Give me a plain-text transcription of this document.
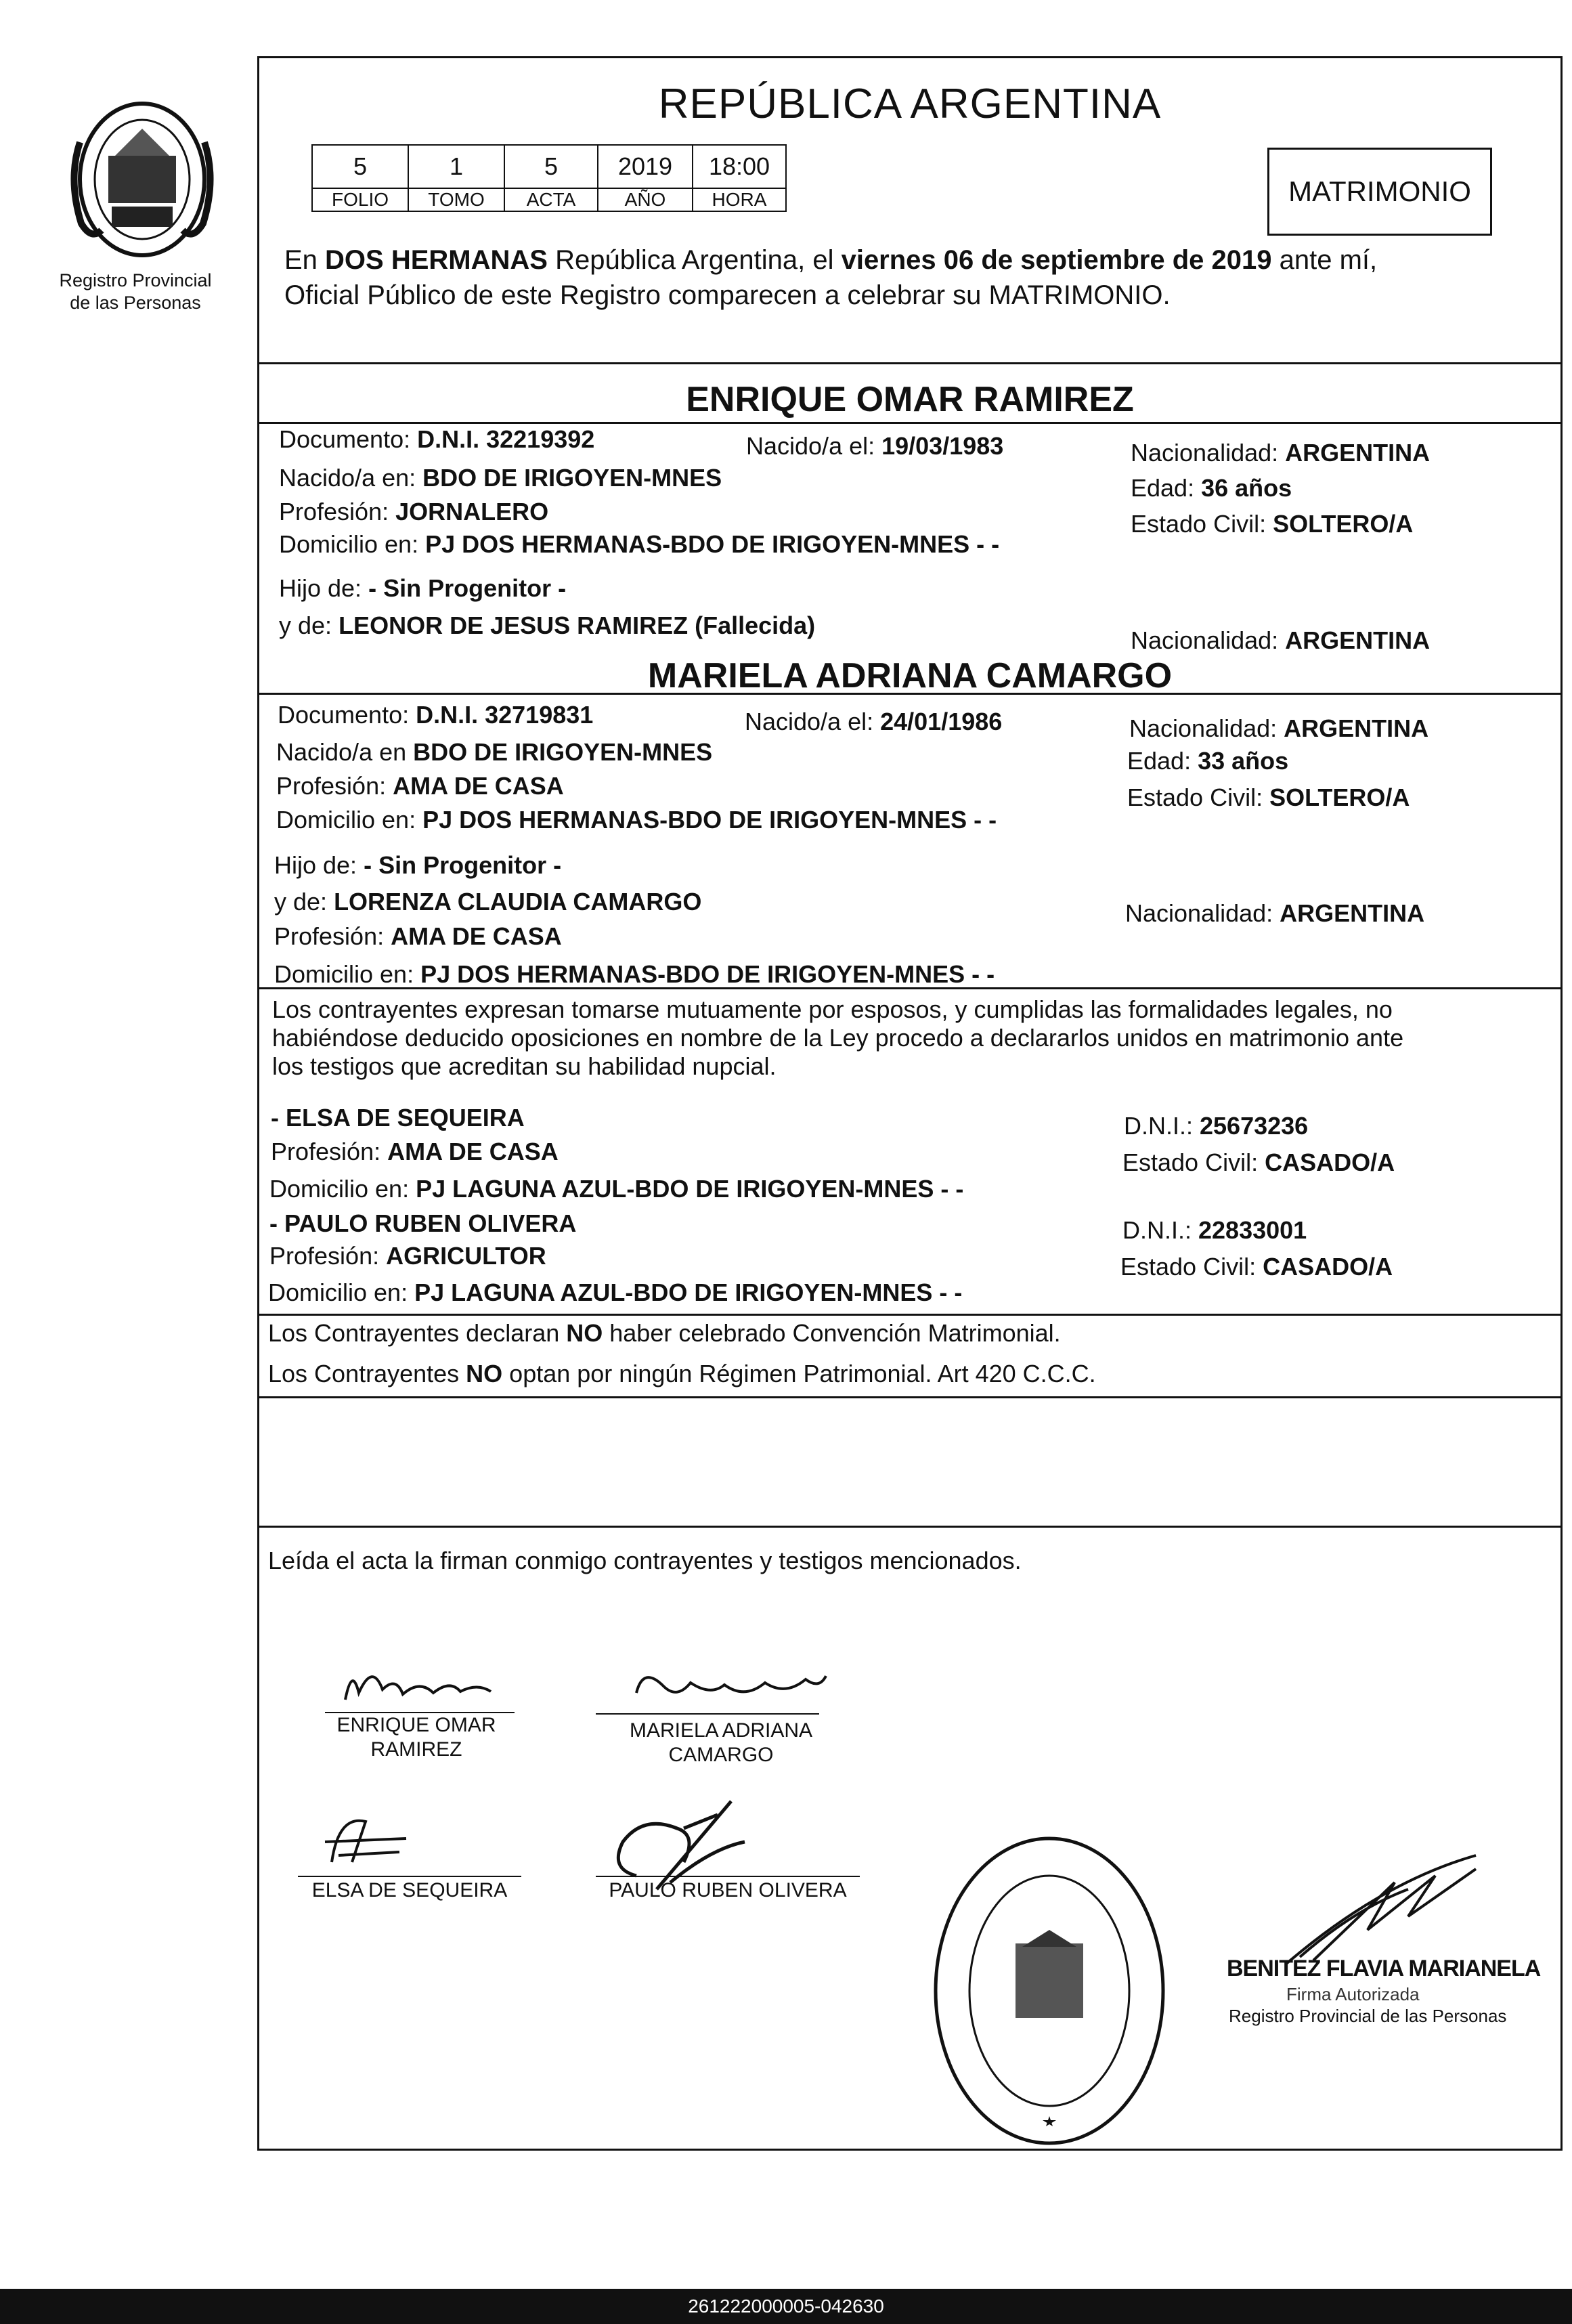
Registro Provincial
de las Personas
REPÚBLICA ARGENTINA
5	1	5	2019	18:00
FOLIO	TOMO	ACTA	AÑO	HORA	MATRIMONIO
En DOS HERMANAS República Argentina, el viernes 06 de septiembre de 2019 ante mí,
Oficial Público de este Registro comparecen a celebrar su MATRIMONIO.
ENRIQUE OMAR RAMIREZ
Documento: D.N.I. 32219392	Nacido/a el: 19/03/1983	Nacionalidad: ARGENTINA
Nacido/a en: BDO DE IRIGOYEN-MNES	Edad: 36 años
Profesión: JORNALERO	Estado Civil: SOLTERO/A
Domicilio en: PJ DOS HERMANAS-BDO DE IRIGOYEN-MNES - -
Hijo de: - Sin Progenitor -
y de: LEONOR DE JESUS RAMIREZ (Fallecida)
Nacionalidad: ARGENTINA
MARIELA ADRIANA CAMARGO
Documento: D.N.I. 32719831	Nacido/a el: 24/01/1986	Nacionalidad: ARGENTINA
Nacido/a en BDO DE IRIGOYEN-MNES	Edad: 33 años
Profesión: AMA DE CASA	Estado Civil: SOLTERO/A
Domicilio en: PJ DOS HERMANAS-BDO DE IRIGOYEN-MNES - -
Hijo de: - Sin Progenitor -
y de: LORENZA CLAUDIA CAMARGO	Nacionalidad: ARGENTINA
Profesión: AMA DE CASA
Domicilio en: PJ DOS HERMANAS-BDO DE IRIGOYEN-MNES - -
Los contrayentes expresan tomarse mutuamente por esposos, y cumplidas las formalidades legales, no
habiéndose deducido oposiciones en nombre de la Ley procedo a declararlos unidos en matrimonio ante
los testigos que acreditan su habilidad nupcial.
- ELSA DE SEQUEIRA	D.N.I.: 25673236
Profesión: AMA DE CASA	Estado Civil: CASADO/A
Domicilio en: PJ LAGUNA AZUL-BDO DE IRIGOYEN-MNES - -
- PAULO RUBEN OLIVERA	D.N.I.: 22833001
Profesión: AGRICULTOR	Estado Civil: CASADO/A
Domicilio en: PJ LAGUNA AZUL-BDO DE IRIGOYEN-MNES - -
Los Contrayentes declaran NO haber celebrado Convención Matrimonial.
Los Contrayentes NO optan por ningún Régimen Patrimonial. Art 420 C.C.C.
Leída el acta la firman conmigo contrayentes y testigos mencionados.
ENRIQUE OMAR
RAMIREZ
MARIELA ADRIANA
CAMARGO
ELSA DE SEQUEIRA	PAULO RUBEN OLIVERA
BENITEZ FLAVIA MARIANELA
Firma Autorizada
Registro Provincial de las Personas
261222000005-042630
